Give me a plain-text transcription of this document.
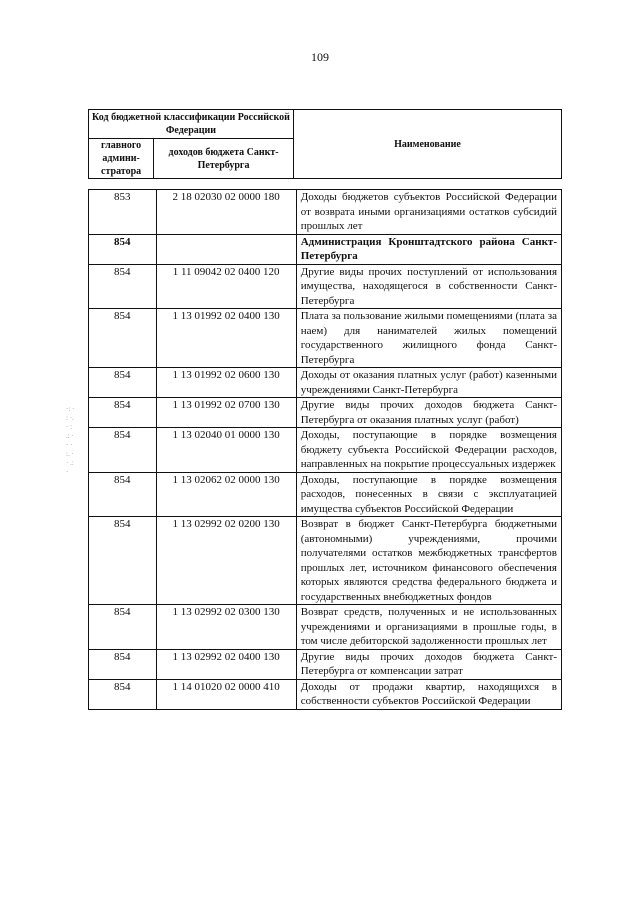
109
Код бюджетной классификации Российской Федерации		Наименование
главного админи-стратора	доходов бюджета Санкт-Петербурга	
853	2 18 02030 02 0000 180	Доходы бюджетов субъектов Российской Федерации от возврата иными организациями остатков субсидий прошлых лет
854		Администрация Кронштадтского района Санкт-Петербурга
854	1 11 09042 02 0400 120	Другие виды прочих поступлений от использования имущества, находящегося в собственности Санкт-Петербурга
854	1 13 01992 02 0400 130	Плата за пользование жилыми помещениями (плата за наем) для нанимателей жилых помещений государственного жилищного фонда Санкт-Петербурга
854	1 13 01992 02 0600 130	Доходы от оказания платных услуг (работ) казенными учреждениями Санкт-Петербурга
854	1 13 01992 02 0700 130	Другие виды прочих доходов бюджета Санкт-Петербурга от оказания платных услуг (работ)
854	1 13 02040 01 0000 130	Доходы, поступающие в порядке возмещения бюджету субъекта Российской Федерации расходов, направленных на покрытие процессуальных издержек
854	1 13 02062 02 0000 130	Доходы, поступающие в порядке возмещения расходов, понесенных в связи с эксплуатацией имущества субъектов Российской Федерации
854	1 13 02992 02 0200 130	Возврат в бюджет Санкт-Петербурга бюджетными (автономными) учреждениями, прочими получателями остатков межбюджетных трансфертов прошлых лет, источником финансового обеспечения которых являются средства федерального бюджета и государственных внебюджетных фондов
854	1 13 02992 02 0300 130	Возврат средств, полученных и не использованных учреждениями и организациями в прошлые годы, в том числе дебиторской задолженности прошлых лет
854	1 13 02992 02 0400 130	Другие виды прочих доходов бюджета Санкт-Петербурга от компенсации затрат
854	1 14 01020 02 0000 410	Доходы от продажи квартир, находящихся в собственности субъектов Российской Федерации
·: ·
: ·.
· :
.: ·
· ·
:. ·
· .:
·
